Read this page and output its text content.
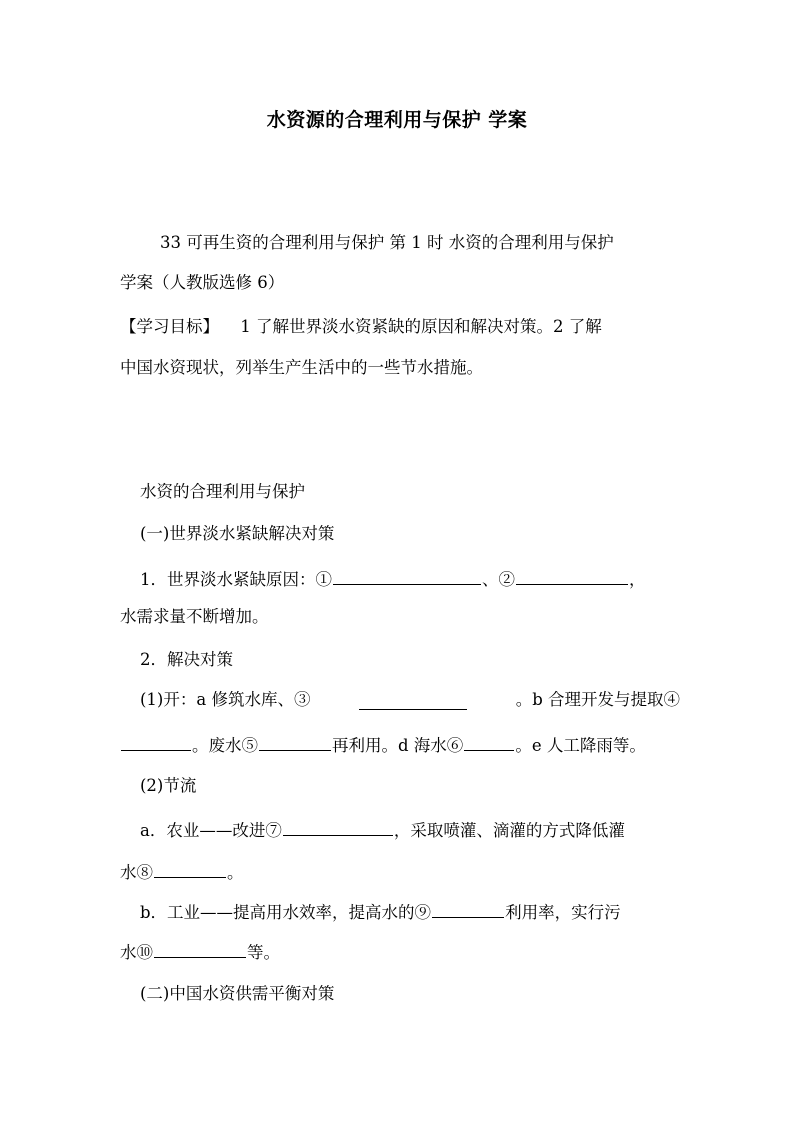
水资源的合理利用与保护 学案
33 可再生资的合理利用与保护 第 1 时 水资的合理利用与保护
学案（人教版选修 6）
【学习目标】 1 了解世界淡水资紧缺的原因和解决对策。2 了解
中国水资现状，列举生产生活中的一些节水措施。
水资的合理利用与保护
(一)世界淡水紧缺解决对策
1．世界淡水紧缺原因：①	、②	，
水需求量不断增加。
2．解决对策
(1)开：a 修筑水库、③	。b 合理开发与提取④
。废水⑤	再利用。d 海水⑥	。e 人工降雨等。
(2)节流
a．农业——改进⑦	，采取喷灌、滴灌的方式降低灌
水⑧	。
b．工业——提高用水效率，提高水的⑨	利用率，实行污
水⑩	等。
(二)中国水资供需平衡对策
